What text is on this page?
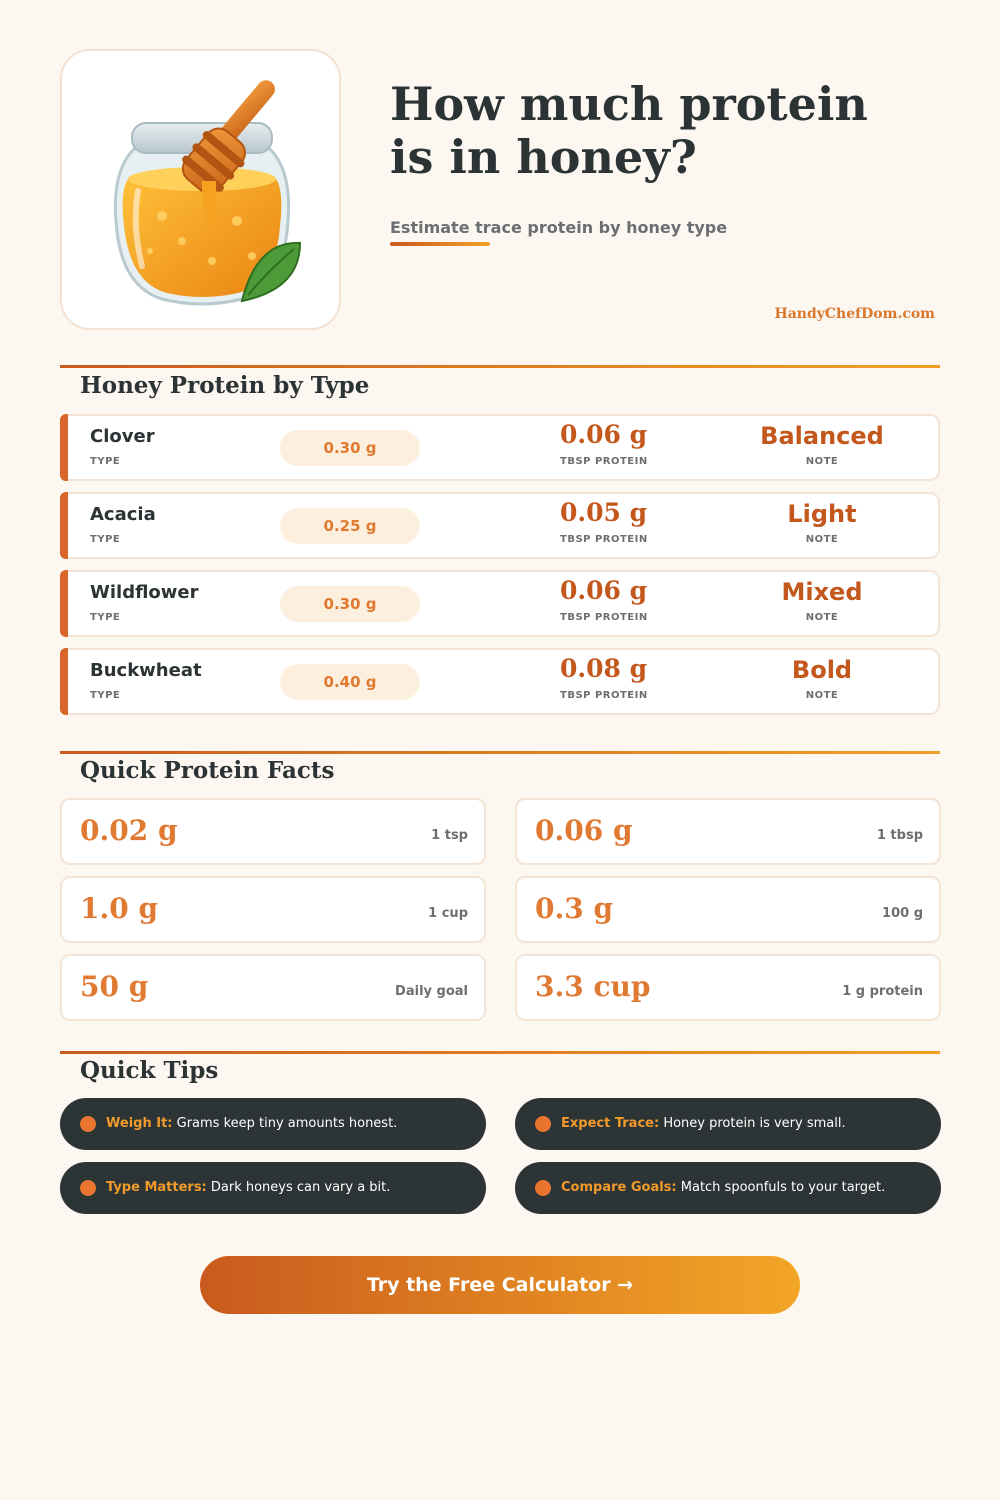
How much protein
is in honey?
Estimate trace protein by honey type
HandyChefDom.com
Honey Protein by Type
Clover
TYPE
0.30 g	0.06 g
TBSP PROTEIN
Balanced
NOTE
Acacia
TYPE
0.25 g	0.05 g
TBSP PROTEIN
Light
NOTE
Wildflower
TYPE
0.30 g	0.06 g
TBSP PROTEIN
Mixed
NOTE
Buckwheat
TYPE
0.40 g	0.08 g
TBSP PROTEIN
Bold
NOTE
Quick Protein Facts
0.02 g	1 tsp 0.06 g	1 tbsp
1.0 g	1 cup 0.3 g	100 g
50 g	Daily goal 3.3 cup	1 g protein
Quick Tips
Weigh It: Grams keep tiny amounts honest.	Expect Trace: Honey protein is very small.
Type Matters: Dark honeys can vary a bit.	Compare Goals: Match spoonfuls to your target.
Try the Free Calculator →
